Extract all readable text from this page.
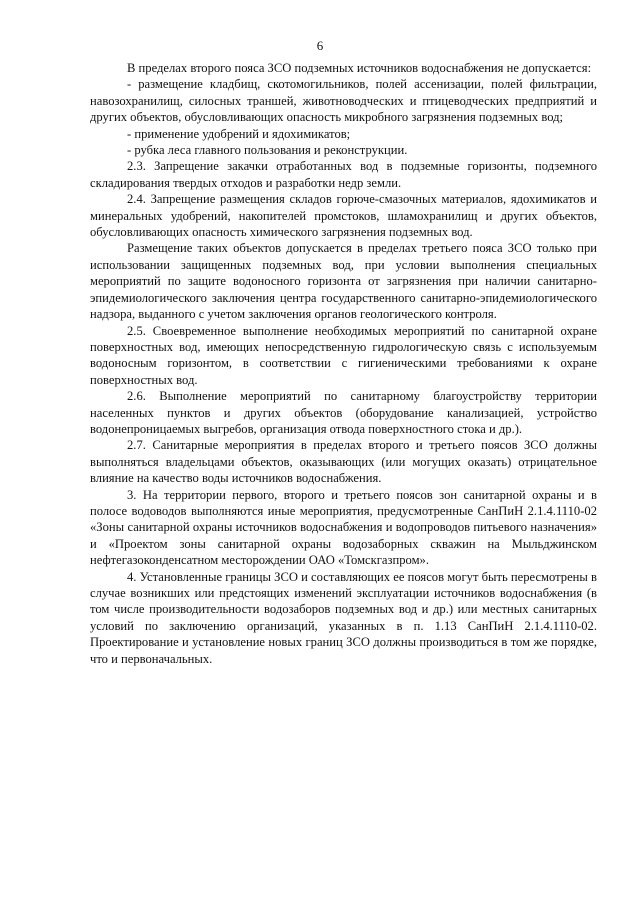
6

В пределах второго пояса ЗСО подземных источников водоснабжения не допускается:

- размещение кладбищ, скотомогильников, полей ассенизации, полей фильтрации, навозохранилищ, силосных траншей, животноводческих и птицеводческих предприятий и других объектов, обусловливающих опасность микробного загрязнения подземных вод;

- применение удобрений и ядохимикатов;

- рубка леса главного пользования и реконструкции.

2.3. Запрещение закачки отработанных вод в подземные горизонты, подземного складирования твердых отходов и разработки недр земли.

2.4. Запрещение размещения складов горюче-смазочных материалов, ядохимикатов и минеральных удобрений, накопителей промстоков, шламохранилищ и других объектов, обусловливающих опасность химического загрязнения подземных вод.

Размещение таких объектов допускается в пределах третьего пояса ЗСО только при использовании защищенных подземных вод, при условии выполнения специальных мероприятий по защите водоносного горизонта от загрязнения при наличии санитарно-эпидемиологического заключения центра государственного санитарно-эпидемиологического надзора, выданного с учетом заключения органов геологического контроля.

2.5. Своевременное выполнение необходимых мероприятий по санитарной охране поверхностных вод, имеющих непосредственную гидрологическую связь с используемым водоносным горизонтом, в соответствии с гигиеническими требованиями к охране поверхностных вод.

2.6. Выполнение мероприятий по санитарному благоустройству территории населенных пунктов и других объектов (оборудование канализацией, устройство водонепроницаемых выгребов, организация отвода поверхностного стока и др.).

2.7. Санитарные мероприятия в пределах второго и третьего поясов ЗСО должны выполняться владельцами объектов, оказывающих (или могущих оказать) отрицательное влияние на качество воды источников водоснабжения.

3. На территории первого, второго и третьего поясов зон санитарной охраны и в полосе водоводов выполняются иные мероприятия, предусмотренные СанПиН 2.1.4.1110-02 «Зоны санитарной охраны источников водоснабжения и водопроводов питьевого назначения» и «Проектом зоны санитарной охраны водозаборных скважин на Мыльджинском нефтегазоконденсатном месторождении ОАО «Томскгазпром».

4. Установленные границы ЗСО и составляющих ее поясов могут быть пересмотрены в случае возникших или предстоящих изменений эксплуатации источников водоснабжения (в том числе производительности водозаборов подземных вод и др.) или местных санитарных условий по заключению организаций, указанных в п. 1.13 СанПиН 2.1.4.1110-02. Проектирование и установление новых границ ЗСО должны производиться в том же порядке, что и первоначальных.
